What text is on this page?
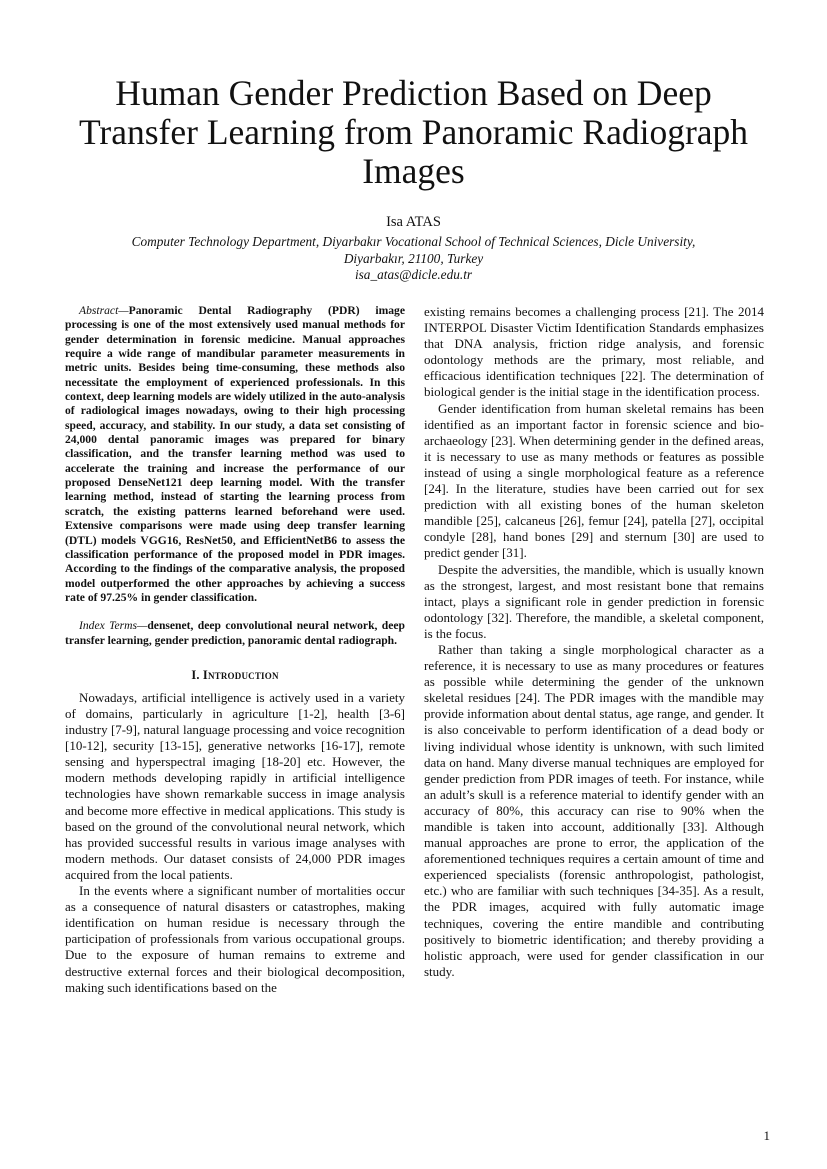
Human Gender Prediction Based on Deep Transfer Learning from Panoramic Radiograph Images

Isa ATAS

Computer Technology Department, Diyarbakır Vocational School of Technical Sciences, Dicle University,
Diyarbakır, 21100, Turkey
isa_atas@dicle.edu.tr

Abstract—Panoramic Dental Radiography (PDR) image processing is one of the most extensively used manual methods for gender determination in forensic medicine. Manual approaches require a wide range of mandibular parameter measurements in metric units. Besides being time-consuming, these methods also necessitate the employment of experienced professionals. In this context, deep learning models are widely utilized in the auto-analysis of radiological images nowadays, owing to their high processing speed, accuracy, and stability. In our study, a data set consisting of 24,000 dental panoramic images was prepared for binary classification, and the transfer learning method was used to accelerate the training and increase the performance of our proposed DenseNet121 deep learning model. With the transfer learning method, instead of starting the learning process from scratch, the existing patterns learned beforehand were used. Extensive comparisons were made using deep transfer learning (DTL) models VGG16, ResNet50, and EfficientNetB6 to assess the classification performance of the proposed model in PDR images. According to the findings of the comparative analysis, the proposed model outperformed the other approaches by achieving a success rate of 97.25% in gender classification.

Index Terms—densenet, deep convolutional neural network, deep transfer learning, gender prediction, panoramic dental radiograph.

I. Introduction

Nowadays, artificial intelligence is actively used in a variety of domains, particularly in agriculture [1-2], health [3-6] industry [7-9], natural language processing and voice recognition [10-12], security [13-15], generative networks [16-17], remote sensing and hyperspectral imaging [18-20] etc. However, the modern methods developing rapidly in artificial intelligence technologies have shown remarkable success in image analysis and become more effective in medical applications. This study is based on the ground of the convolutional neural network, which has provided successful results in various image analyses with modern methods. Our dataset consists of 24,000 PDR images acquired from the local patients.

In the events where a significant number of mortalities occur as a consequence of natural disasters or catastrophes, making identification on human residue is necessary through the participation of professionals from various occupational groups. Due to the exposure of human remains to extreme and destructive external forces and their biological decomposition, making such identifications based on the

existing remains becomes a challenging process [21]. The 2014 INTERPOL Disaster Victim Identification Standards emphasizes that DNA analysis, friction ridge analysis, and forensic odontology methods are the primary, most reliable, and efficacious identification techniques [22]. The determination of biological gender is the initial stage in the identification process.

Gender identification from human skeletal remains has been identified as an important factor in forensic science and bio-archaeology [23]. When determining gender in the defined areas, it is necessary to use as many methods or features as possible instead of using a single morphological feature as a reference [24]. In the literature, studies have been carried out for sex prediction with all existing bones of the human skeleton mandible [25], calcaneus [26], femur [24], patella [27], occipital condyle [28], hand bones [29] and sternum [30] are used to predict gender [31].

Despite the adversities, the mandible, which is usually known as the strongest, largest, and most resistant bone that remains intact, plays a significant role in gender prediction in forensic odontology [32]. Therefore, the mandible, a skeletal component, is the focus.

Rather than taking a single morphological character as a reference, it is necessary to use as many procedures or features as possible while determining the gender of the unknown skeletal residues [24]. The PDR images with the mandible may provide information about dental status, age range, and gender. It is also conceivable to perform identification of a dead body or living individual whose identity is unknown, with such limited data on hand. Many diverse manual techniques are employed for gender prediction from PDR images of teeth. For instance, while an adult’s skull is a reference material to identify gender with an accuracy of 80%, this accuracy can rise to 90% when the mandible is taken into account, additionally [33]. Although manual approaches are prone to error, the application of the aforementioned techniques requires a certain amount of time and experienced specialists (forensic anthropologist, pathologist, etc.) who are familiar with such techniques [34-35]. As a result, the PDR images, acquired with fully automatic image techniques, covering the entire mandible and contributing positively to biometric identification; and thereby providing a holistic approach, were used for gender classification in our study.

1
